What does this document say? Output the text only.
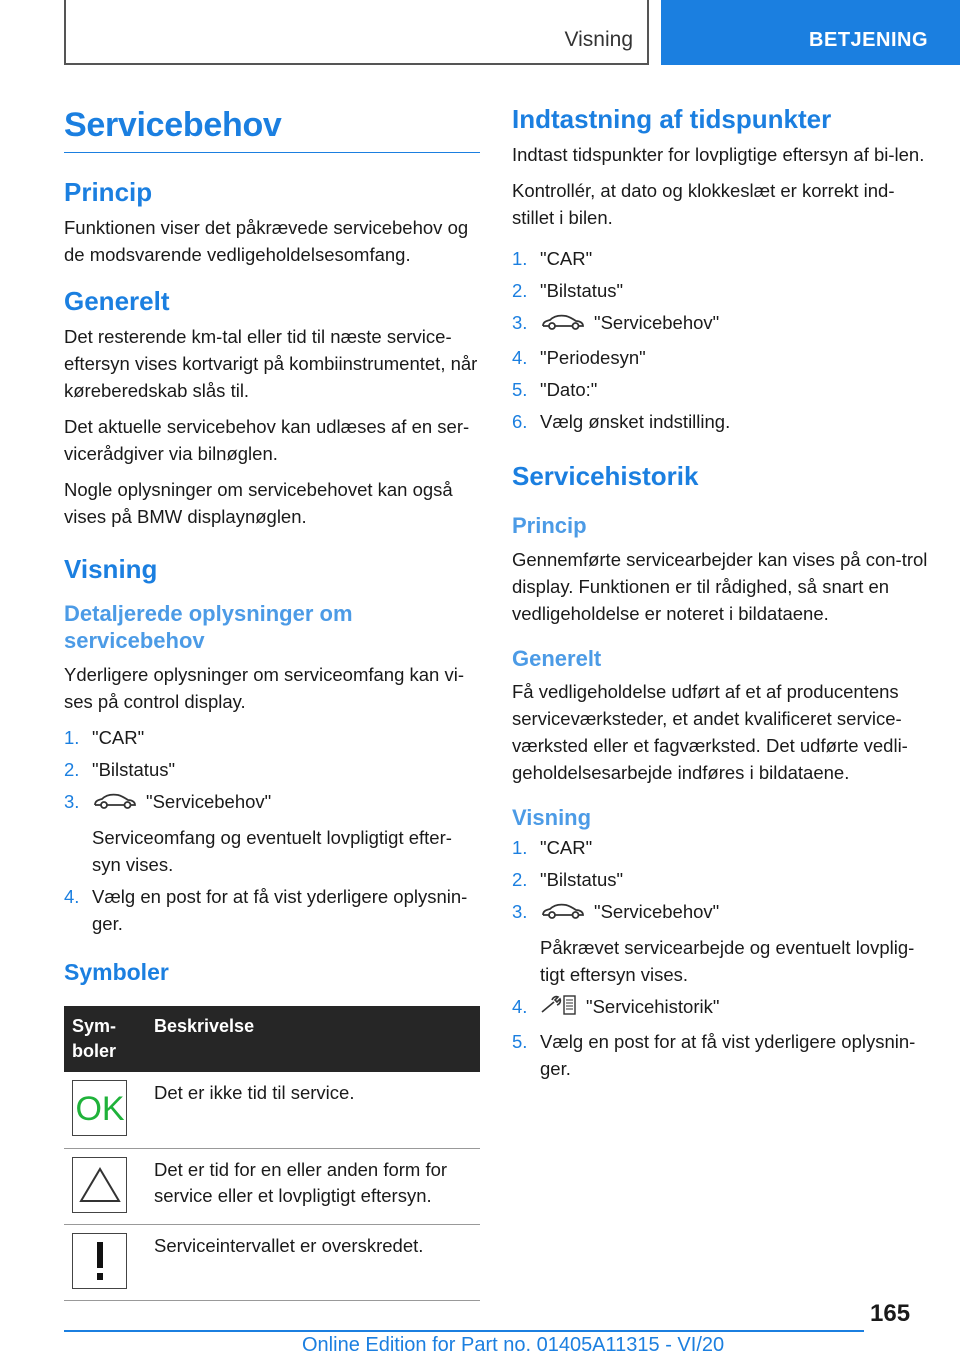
Visning	BETJENING
Servicebehov
Princip

Funktionen viser det påkrævede servicebehov og de modsvarende vedligeholdelsesomfang.

Generelt

Det resterende km-tal eller tid til næste service-eftersyn vises kortvarigt på kombiinstrumentet, når køreberedskab slås til.

Det aktuelle servicebehov kan udlæses af en ser-vicerådgiver via bilnøglen.

Nogle oplysninger om servicebehovet kan også vises på BMW displaynøglen.

Visning
Detaljerede oplysninger om servicebehov

Yderligere oplysninger om serviceomfang kan vi-ses på control display.

1. "CAR"
2. "Bilstatus"
3.	"Servicebehov"
Serviceomfang og eventuelt lovpligtigt efter-syn vises.
4. Vælg en post for at få vist yderligere oplysnin-ger.
Symboler
Sym-boler	Beskrivelse

OK	Det er ikke tid til service.

	Det er tid for en eller anden form for service eller et lovpligtigt eftersyn.

	Serviceintervallet er overskredet.
Indtastning af tidspunkter

Indtast tidspunkter for lovpligtige eftersyn af bi-len.

Kontrollér, at dato og klokkeslæt er korrekt ind-stillet i bilen.

1. "CAR"
2. "Bilstatus"
3.	"Servicebehov"
4. "Periodesyn"
5. "Dato:"
6. Vælg ønsket indstilling.
Servicehistorik
Princip

Gennemførte servicearbejder kan vises på con-trol display. Funktionen er til rådighed, så snart en vedligeholdelse er noteret i bildataene.

Generelt

Få vedligeholdelse udført af et af producentens serviceværksteder, et andet kvalificeret service-værksted eller et fagværksted. Det udførte vedli-geholdelsesarbejde indføres i bildataene.

Visning
1. "CAR"
2. "Bilstatus"
3.	"Servicebehov"
Påkrævet servicearbejde og eventuelt lovplig-tigt eftersyn vises.
4.	"Servicehistorik"
5. Vælg en post for at få vist yderligere oplysnin-ger.
165
Online Edition for Part no. 01405A11315 - VI/20
